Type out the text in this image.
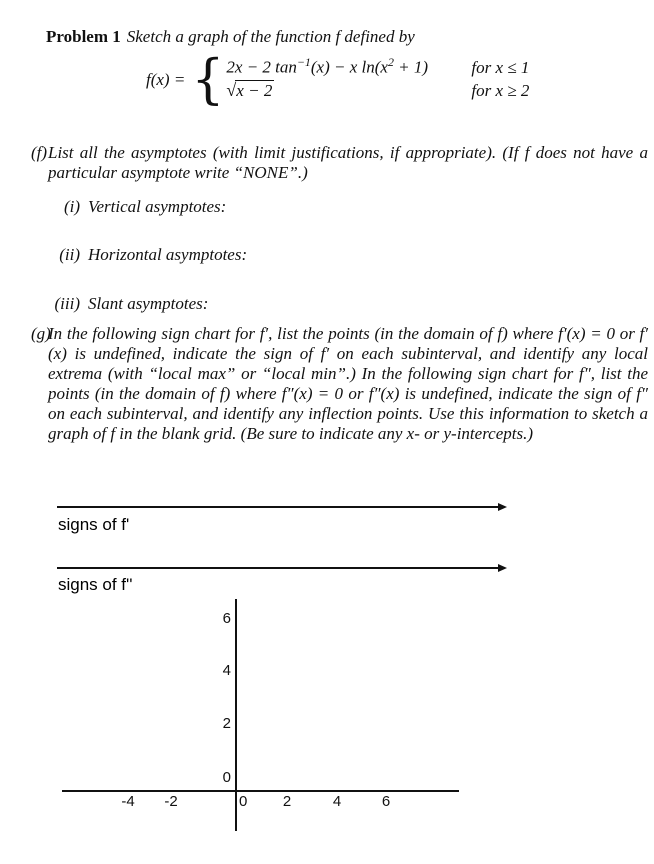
Problem 1 Sketch a graph of the function f defined by
f(x) = { 2x − 2 $\tan^{-1}(x) - x$ $\ln(x^2 + 1)$	for x ≤ 1
√x − 2	for x ≥ 2
(f) List all the asymptotes (with limit justifications, if appropriate). (If f does not have a particular asymptote write “NONE”.)
(i) Vertical asymptotes:
(ii) Horizontal asymptotes:
(iii) Slant asymptotes:
(g)
In the following sign chart for f′, list the points (in the domain of f) where f′(x) = 0 or f′(x) is undefined, indicate the sign of f′ on each subinterval, and identify any local extrema (with “local max” or “local min”.) In the following sign chart for f″, list the points (in the domain of f) where f″(x) = 0 or f″(x) is undefined, indicate the sign of f″ on each subinterval, and identify any inflection points. Use this information to sketch a graph of f in the blank grid. (Be sure to indicate any x- or y-intercepts.)
signs of f'
signs of f''
6
4
2
0
-4 -2	0 2	4	6
